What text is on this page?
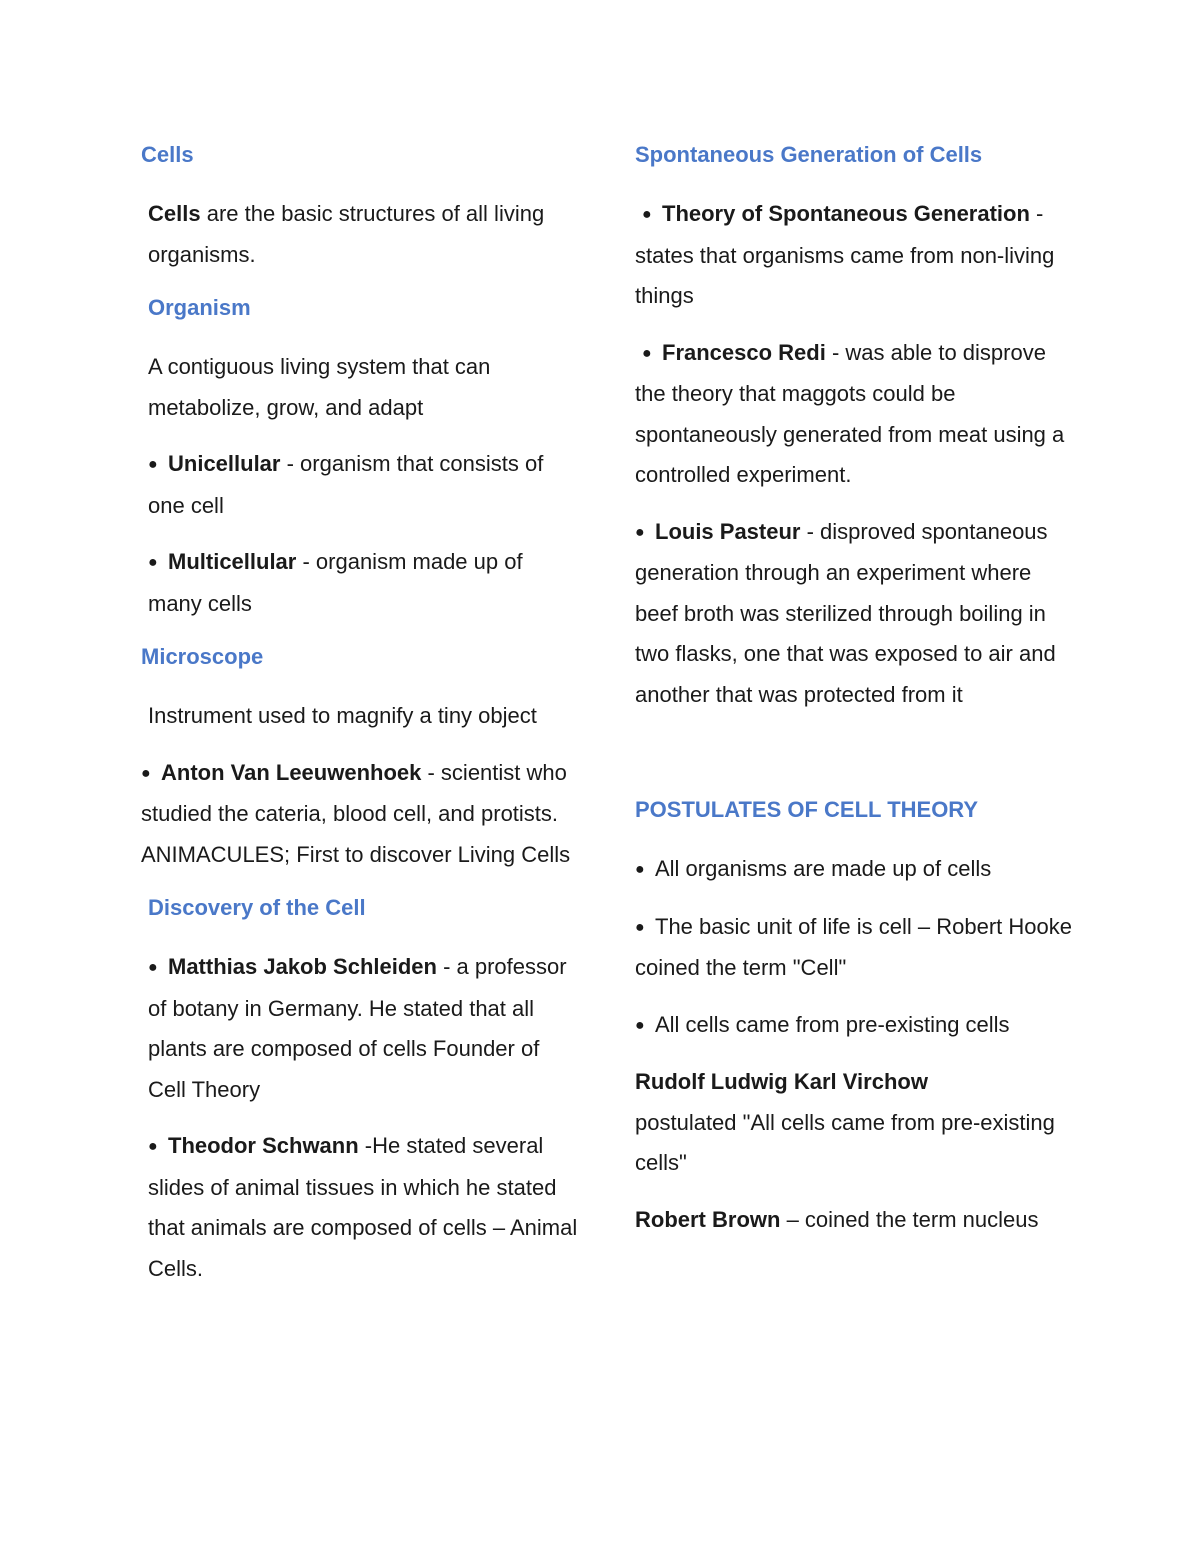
Cells
Cells are the basic structures of all living organisms.
Organism
A contiguous living system that can metabolize, grow, and adapt
● Unicellular - organism that consists of one cell
● Multicellular - organism made up of many cells
Microscope
Instrument used to magnify a tiny object
● Anton Van Leeuwenhoek - scientist who studied the cateria, blood cell, and protists. ANIMACULES; First to discover Living Cells
Discovery of the Cell
● Matthias Jakob Schleiden - a professor of botany in Germany. He stated that all plants are composed of cells Founder of Cell Theory
● Theodor Schwann -He stated several slides of animal tissues in which he stated that animals are composed of cells – Animal Cells.
Spontaneous Generation of Cells
● Theory of Spontaneous Generation - states that organisms came from non-living things
● Francesco Redi - was able to disprove the theory that maggots could be spontaneously generated from meat using a controlled experiment.
● Louis Pasteur - disproved spontaneous generation through an experiment where beef broth was sterilized through boiling in two flasks, one that was exposed to air and another that was protected from it
POSTULATES OF CELL THEORY
● All organisms are made up of cells
● The basic unit of life is cell – Robert Hooke coined the term "Cell"
● All cells came from pre-existing cells
Rudolf Ludwig Karl Virchow
postulated "All cells came from pre-existing cells"
Robert Brown – coined the term nucleus
